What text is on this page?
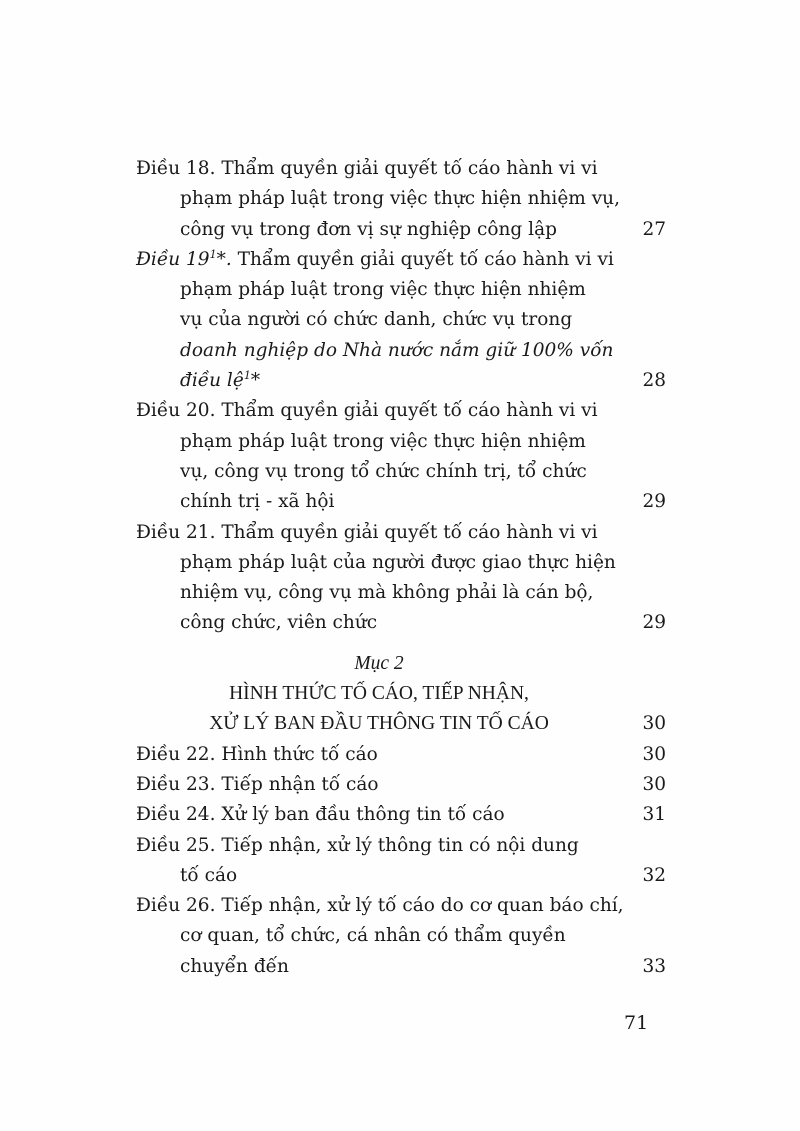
Điều 18. Thẩm quyền giải quyết tố cáo hành vi vi
phạm pháp luật trong việc thực hiện nhiệm vụ,
công vụ trong đơn vị sự nghiệp công lập	27
Điều $19^1*$. Thẩm quyền giải quyết tố cáo hành vi vi
phạm pháp luật trong việc thực hiện nhiệm
vụ của người có chức danh, chức vụ trong
doanh nghiệp do Nhà nước nắm giữ 100% vốn
điều lệ$^1$*	28
Điều 20. Thẩm quyền giải quyết tố cáo hành vi vi
phạm pháp luật trong việc thực hiện nhiệm
vụ, công vụ trong tổ chức chính trị, tổ chức
chính trị - xã hội	29
Điều 21. Thẩm quyền giải quyết tố cáo hành vi vi
phạm pháp luật của người được giao thực hiện
nhiệm vụ, công vụ mà không phải là cán bộ,
công chức, viên chức	29
Mục 2
HÌNH THỨC TỐ CÁO, TIẾP NHẬN,
XỬ LÝ BAN ĐẦU THÔNG TIN TỐ CÁO	30
Điều 22. Hình thức tố cáo	30
Điều 23. Tiếp nhận tố cáo	30
Điều 24. Xử lý ban đầu thông tin tố cáo	31
Điều 25. Tiếp nhận, xử lý thông tin có nội dung
tố cáo	32
Điều 26. Tiếp nhận, xử lý tố cáo do cơ quan báo chí,
cơ quan, tổ chức, cá nhân có thẩm quyền
chuyển đến	33
71
